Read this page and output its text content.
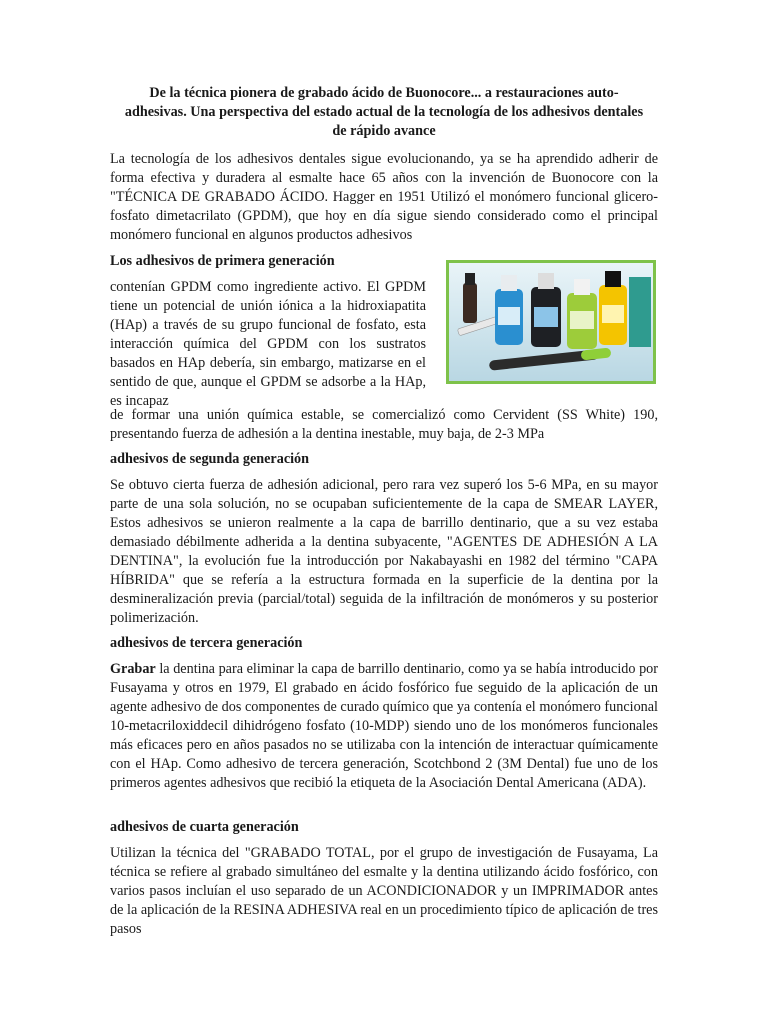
De la técnica pionera de grabado ácido de Buonocore... a restauraciones auto-adhesivas. Una perspectiva del estado actual de la tecnología de los adhesivos dentales de rápido avance

La tecnología de los adhesivos dentales sigue evolucionando, ya se ha aprendido adherir de forma efectiva y duradera al esmalte hace 65 años con la invención de Buonocore con la "TÉCNICA DE GRABADO ÁCIDO. Hagger en 1951 Utilizó el monómero funcional glicero-fosfato dimetacrilato (GPDM), que hoy en día sigue siendo considerado como el principal monómero funcional en algunos productos adhesivos

Los adhesivos de primera generación

contenían GPDM como ingrediente activo. El GPDM tiene un potencial de unión iónica a la hidroxiapatita (HAp) a través de su grupo funcional de fosfato, esta interacción química del GPDM con los sustratos basados en HAp debería, sin embargo, matizarse en el sentido de que, aunque el GPDM se adsorbe a la HAp, es incapaz

de formar una unión química estable, se comercializó como Cervident (SS White) 190, presentando fuerza de adhesión a la dentina inestable, muy baja, de 2-3 MPa

adhesivos de segunda generación

Se obtuvo cierta fuerza de adhesión adicional, pero rara vez superó los 5-6 MPa, en su mayor parte de una sola solución, no se ocupaban suficientemente de la capa de SMEAR LAYER, Estos adhesivos se unieron realmente a la capa de barrillo dentinario, que a su vez estaba demasiado débilmente adherida a la dentina subyacente, "AGENTES DE ADHESIÓN A LA DENTINA", la evolución fue la introducción por Nakabayashi en 1982 del término "CAPA HÍBRIDA" que se refería a la estructura formada en la superficie de la dentina por la desmineralización previa (parcial/total) seguida de la infiltración de monómeros y su posterior polimerización.

adhesivos de tercera generación

Grabar la dentina para eliminar la capa de barrillo dentinario, como ya se había introducido por Fusayama y otros en 1979, El grabado en ácido fosfórico fue seguido de la aplicación de un agente adhesivo de dos componentes de curado químico que ya contenía el monómero funcional 10-metacriloxiddecil dihidrógeno fosfato (10-MDP) siendo uno de los monómeros funcionales más eficaces pero en años pasados no se utilizaba con la intención de interactuar químicamente con el HAp. Como adhesivo de tercera generación, Scotchbond 2 (3M Dental) fue uno de los primeros agentes adhesivos que recibió la etiqueta de la Asociación Dental Americana (ADA).

adhesivos de cuarta generación

Utilizan la técnica del "GRABADO TOTAL, por el grupo de investigación de Fusayama, La técnica se refiere al grabado simultáneo del esmalte y la dentina utilizando ácido fosfórico, con varios pasos incluían el uso separado de un ACONDICIONADOR y un IMPRIMADOR antes de la aplicación de la RESINA ADHESIVA real en un procedimiento típico de aplicación de tres pasos
